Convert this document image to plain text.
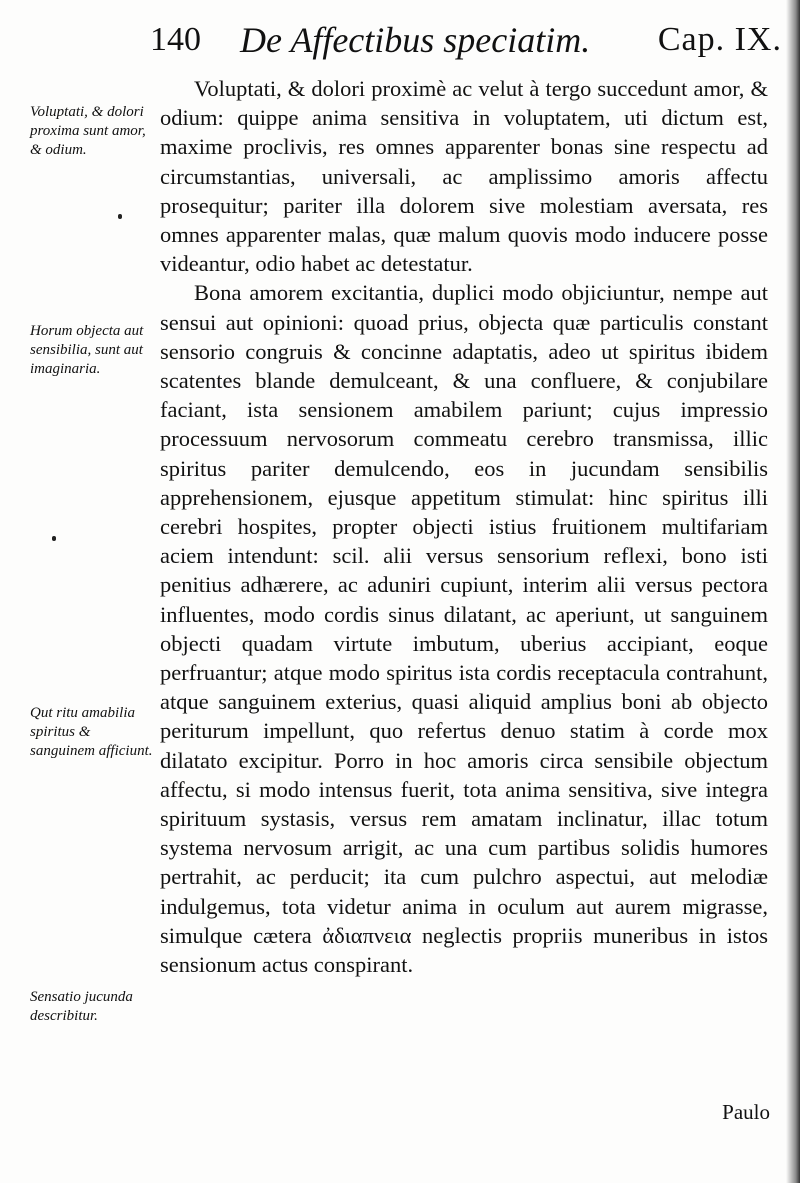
140 De Affectibus speciatim. Cap. IX.

Voluptati, & dolori proxima sunt amor, & odium.

Horum objecta aut sensibilia, sunt aut imaginaria.

Qut ritu amabilia spiritus & sanguinem afficiunt.

Sensatio jucunda describitur.

Voluptati, & dolori proximè ac velut à tergo succedunt amor, & odium: quippe anima sensitiva in voluptatem, uti dictum est, maxime proclivis, res omnes apparenter bonas sine respectu ad circumstantias, universali, ac amplissimo amoris affectu prosequitur; pariter illa dolorem sive molestiam aversata, res omnes apparenter malas, quæ malum quovis modo inducere posse videantur, odio habet ac detestatur.

Bona amorem excitantia, duplici modo objiciuntur, nempe aut sensui aut opinioni: quoad prius, objecta quæ particulis constant sensorio congruis & concinne adaptatis, adeo ut spiritus ibidem scatentes blande demulceant, & una confluere, & conjubilare faciant, ista sensionem amabilem pariunt; cujus impressio processuum nervosorum commeatu cerebro transmissa, illic spiritus pariter demulcendo, eos in jucundam sensibilis apprehensionem, ejusque appetitum stimulat: hinc spiritus illi cerebri hospites, propter objecti istius fruitionem multifariam aciem intendunt: scil. alii versus sensorium reflexi, bono isti penitius adhærere, ac aduniri cupiunt, interim alii versus pectora influentes, modo cordis sinus dilatant, ac aperiunt, ut sanguinem objecti quadam virtute imbutum, uberius accipiant, eoque perfruantur; atque modo spiritus ista cordis receptacula contrahunt, atque sanguinem exterius, quasi aliquid amplius boni ab objecto periturum impellunt, quo refertus denuo statim à corde mox dilatato excipitur. Porro in hoc amoris circa sensibile objectum affectu, si modo intensus fuerit, tota anima sensitiva, sive integra spirituum systasis, versus rem amatam inclinatur, illac totum systema nervosum arrigit, ac una cum partibus solidis humores pertrahit, ac perducit; ita cum pulchro aspectui, aut melodiæ indulgemus, tota videtur anima in oculum aut aurem migrasse, simulque cætera ἀδιαπνεια neglectis propriis muneribus in istos sensionum actus conspirant.

Paulo
